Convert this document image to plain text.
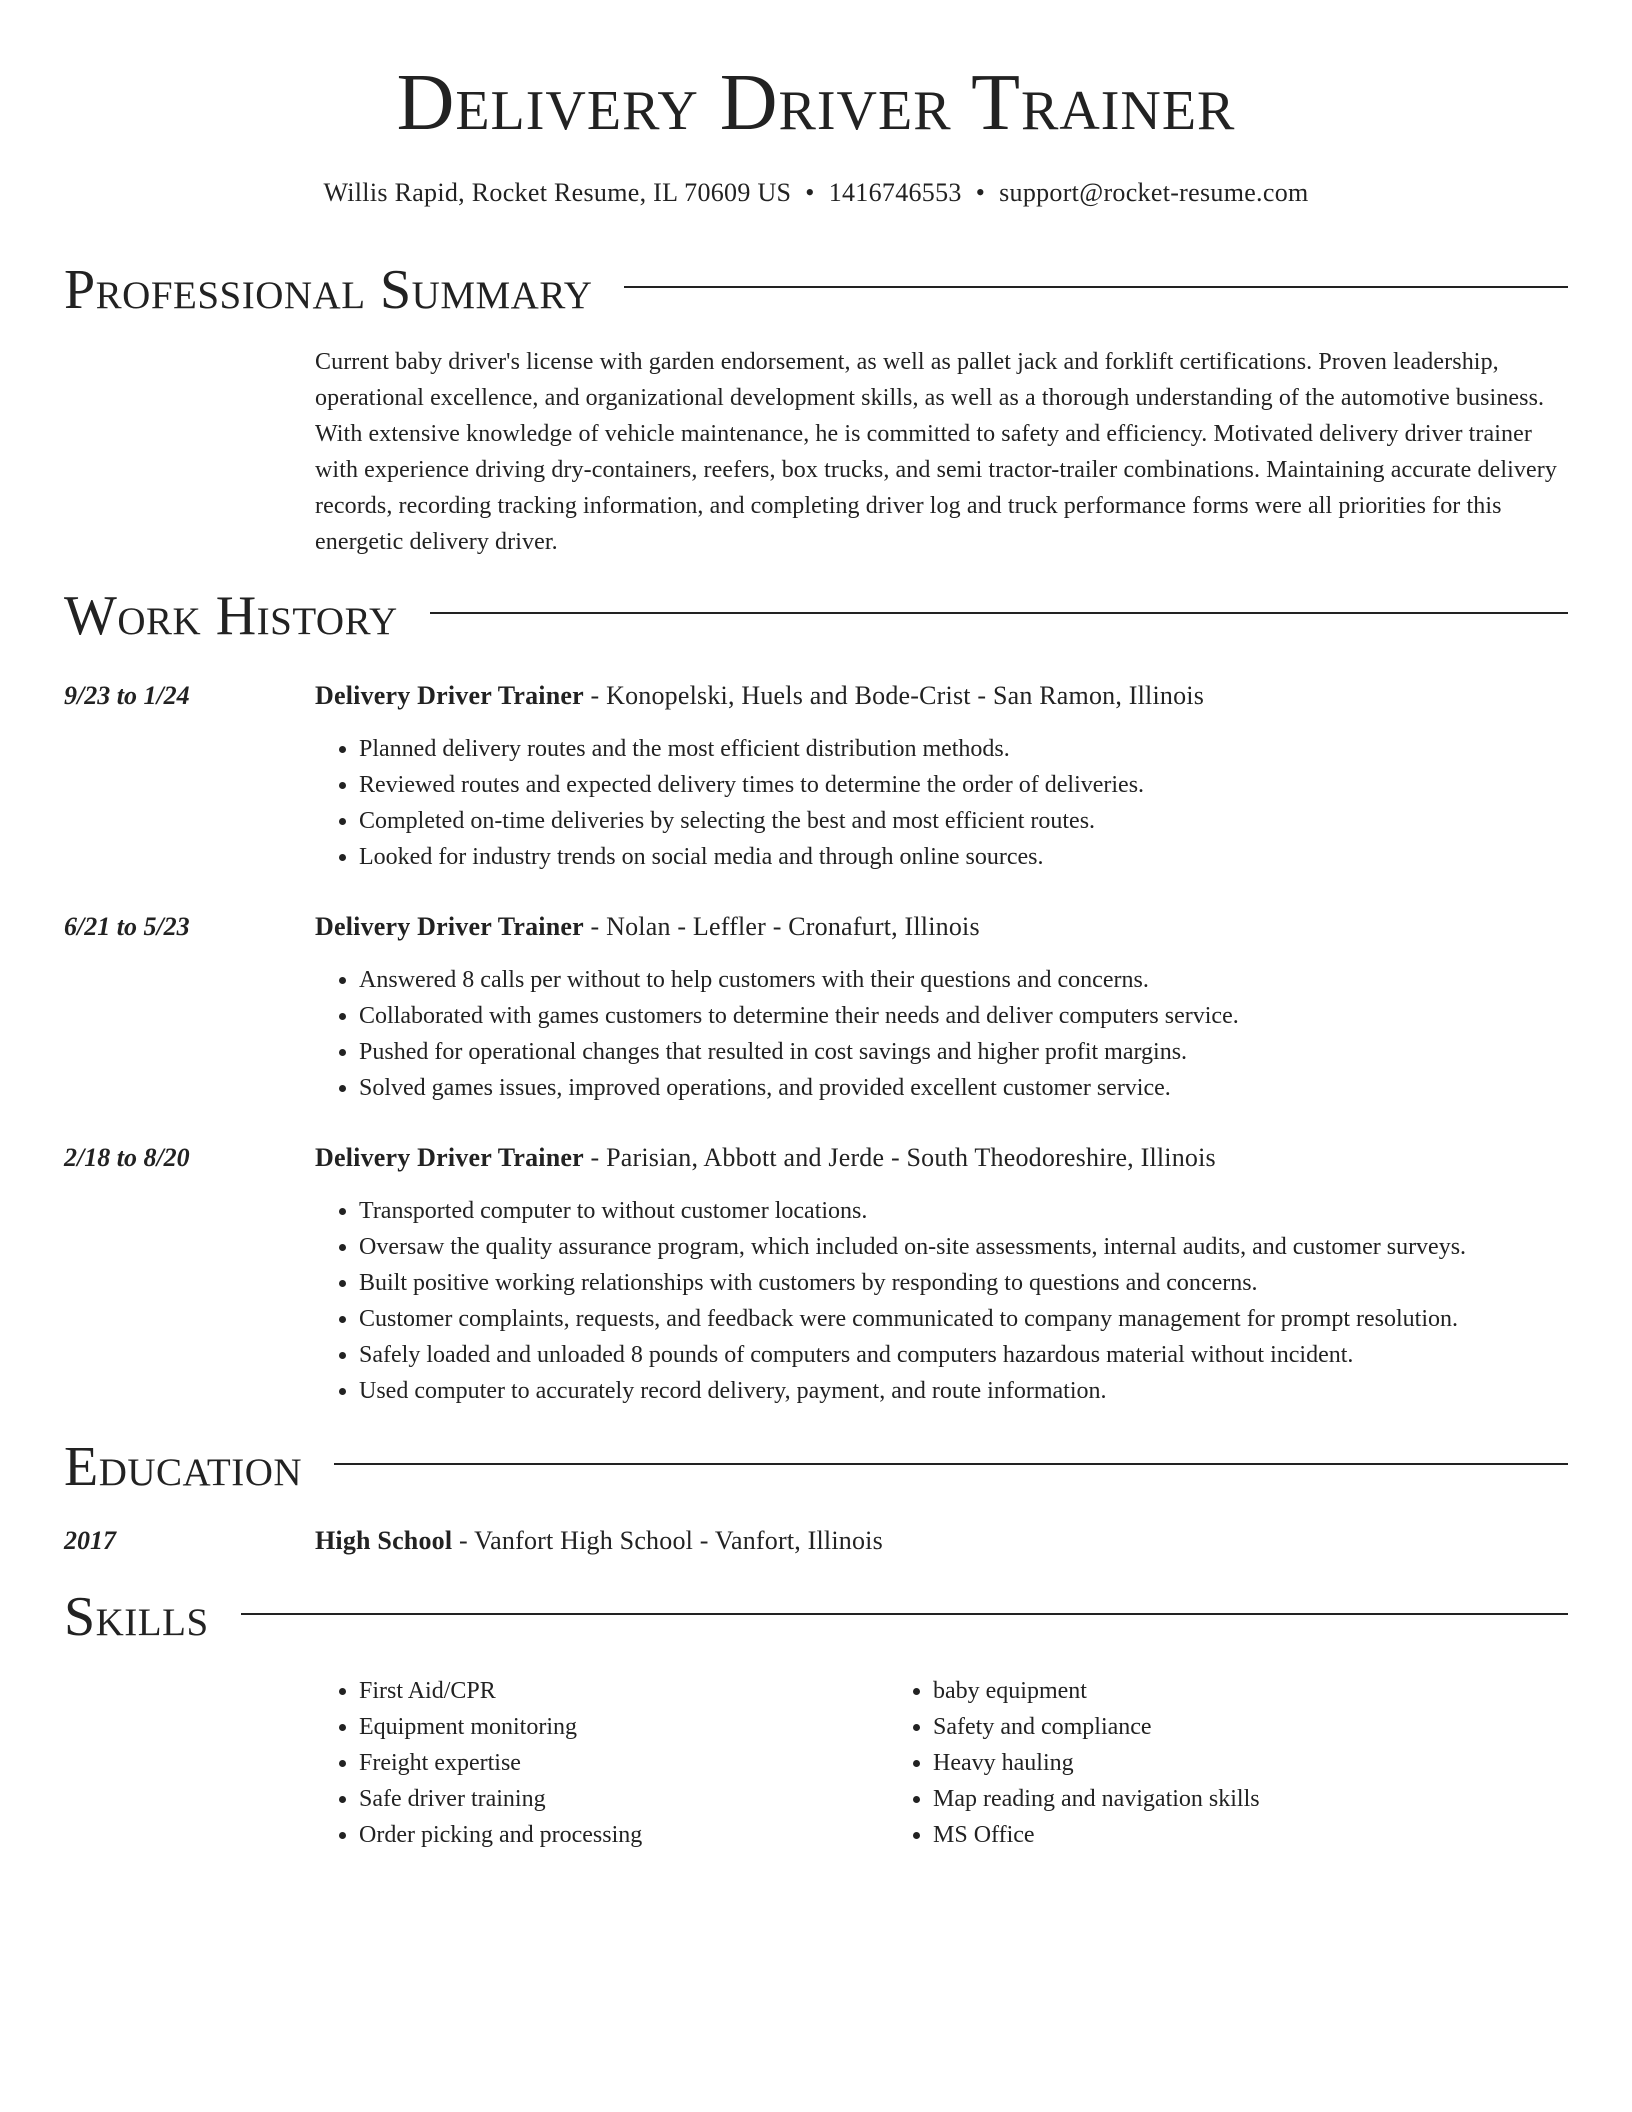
Delivery Driver Trainer
Willis Rapid, Rocket Resume, IL 70609 US • 1416746553 • support@rocket-resume.com
Professional Summary
Current baby driver's license with garden endorsement, as well as pallet jack and forklift certifications. Proven leadership, operational excellence, and organizational development skills, as well as a thorough understanding of the automotive business. With extensive knowledge of vehicle maintenance, he is committed to safety and efficiency. Motivated delivery driver trainer with experience driving dry-containers, reefers, box trucks, and semi tractor-trailer combinations. Maintaining accurate delivery records, recording tracking information, and completing driver log and truck performance forms were all priorities for this energetic delivery driver.
Work History
9/23 to 1/24	Delivery Driver Trainer - Konopelski, Huels and Bode-Crist - San Ramon, Illinois
• Planned delivery routes and the most efficient distribution methods.
• Reviewed routes and expected delivery times to determine the order of deliveries.
• Completed on-time deliveries by selecting the best and most efficient routes.
• Looked for industry trends on social media and through online sources.
6/21 to 5/23	Delivery Driver Trainer - Nolan - Leffler - Cronafurt, Illinois
• Answered 8 calls per without to help customers with their questions and concerns.
• Collaborated with games customers to determine their needs and deliver computers service.
• Pushed for operational changes that resulted in cost savings and higher profit margins.
• Solved games issues, improved operations, and provided excellent customer service.
2/18 to 8/20	Delivery Driver Trainer - Parisian, Abbott and Jerde - South Theodoreshire, Illinois
• Transported computer to without customer locations.
• Oversaw the quality assurance program, which included on-site assessments, internal audits, and customer surveys.
• Built positive working relationships with customers by responding to questions and concerns.
• Customer complaints, requests, and feedback were communicated to company management for prompt resolution.
• Safely loaded and unloaded 8 pounds of computers and computers hazardous material without incident.
• Used computer to accurately record delivery, payment, and route information.
Education
2017	High School - Vanfort High School - Vanfort, Illinois
Skills
• First Aid/CPR
• Equipment monitoring
• Freight expertise
• Safe driver training
• Order picking and processing
• baby equipment
• Safety and compliance
• Heavy hauling
• Map reading and navigation skills
• MS Office
